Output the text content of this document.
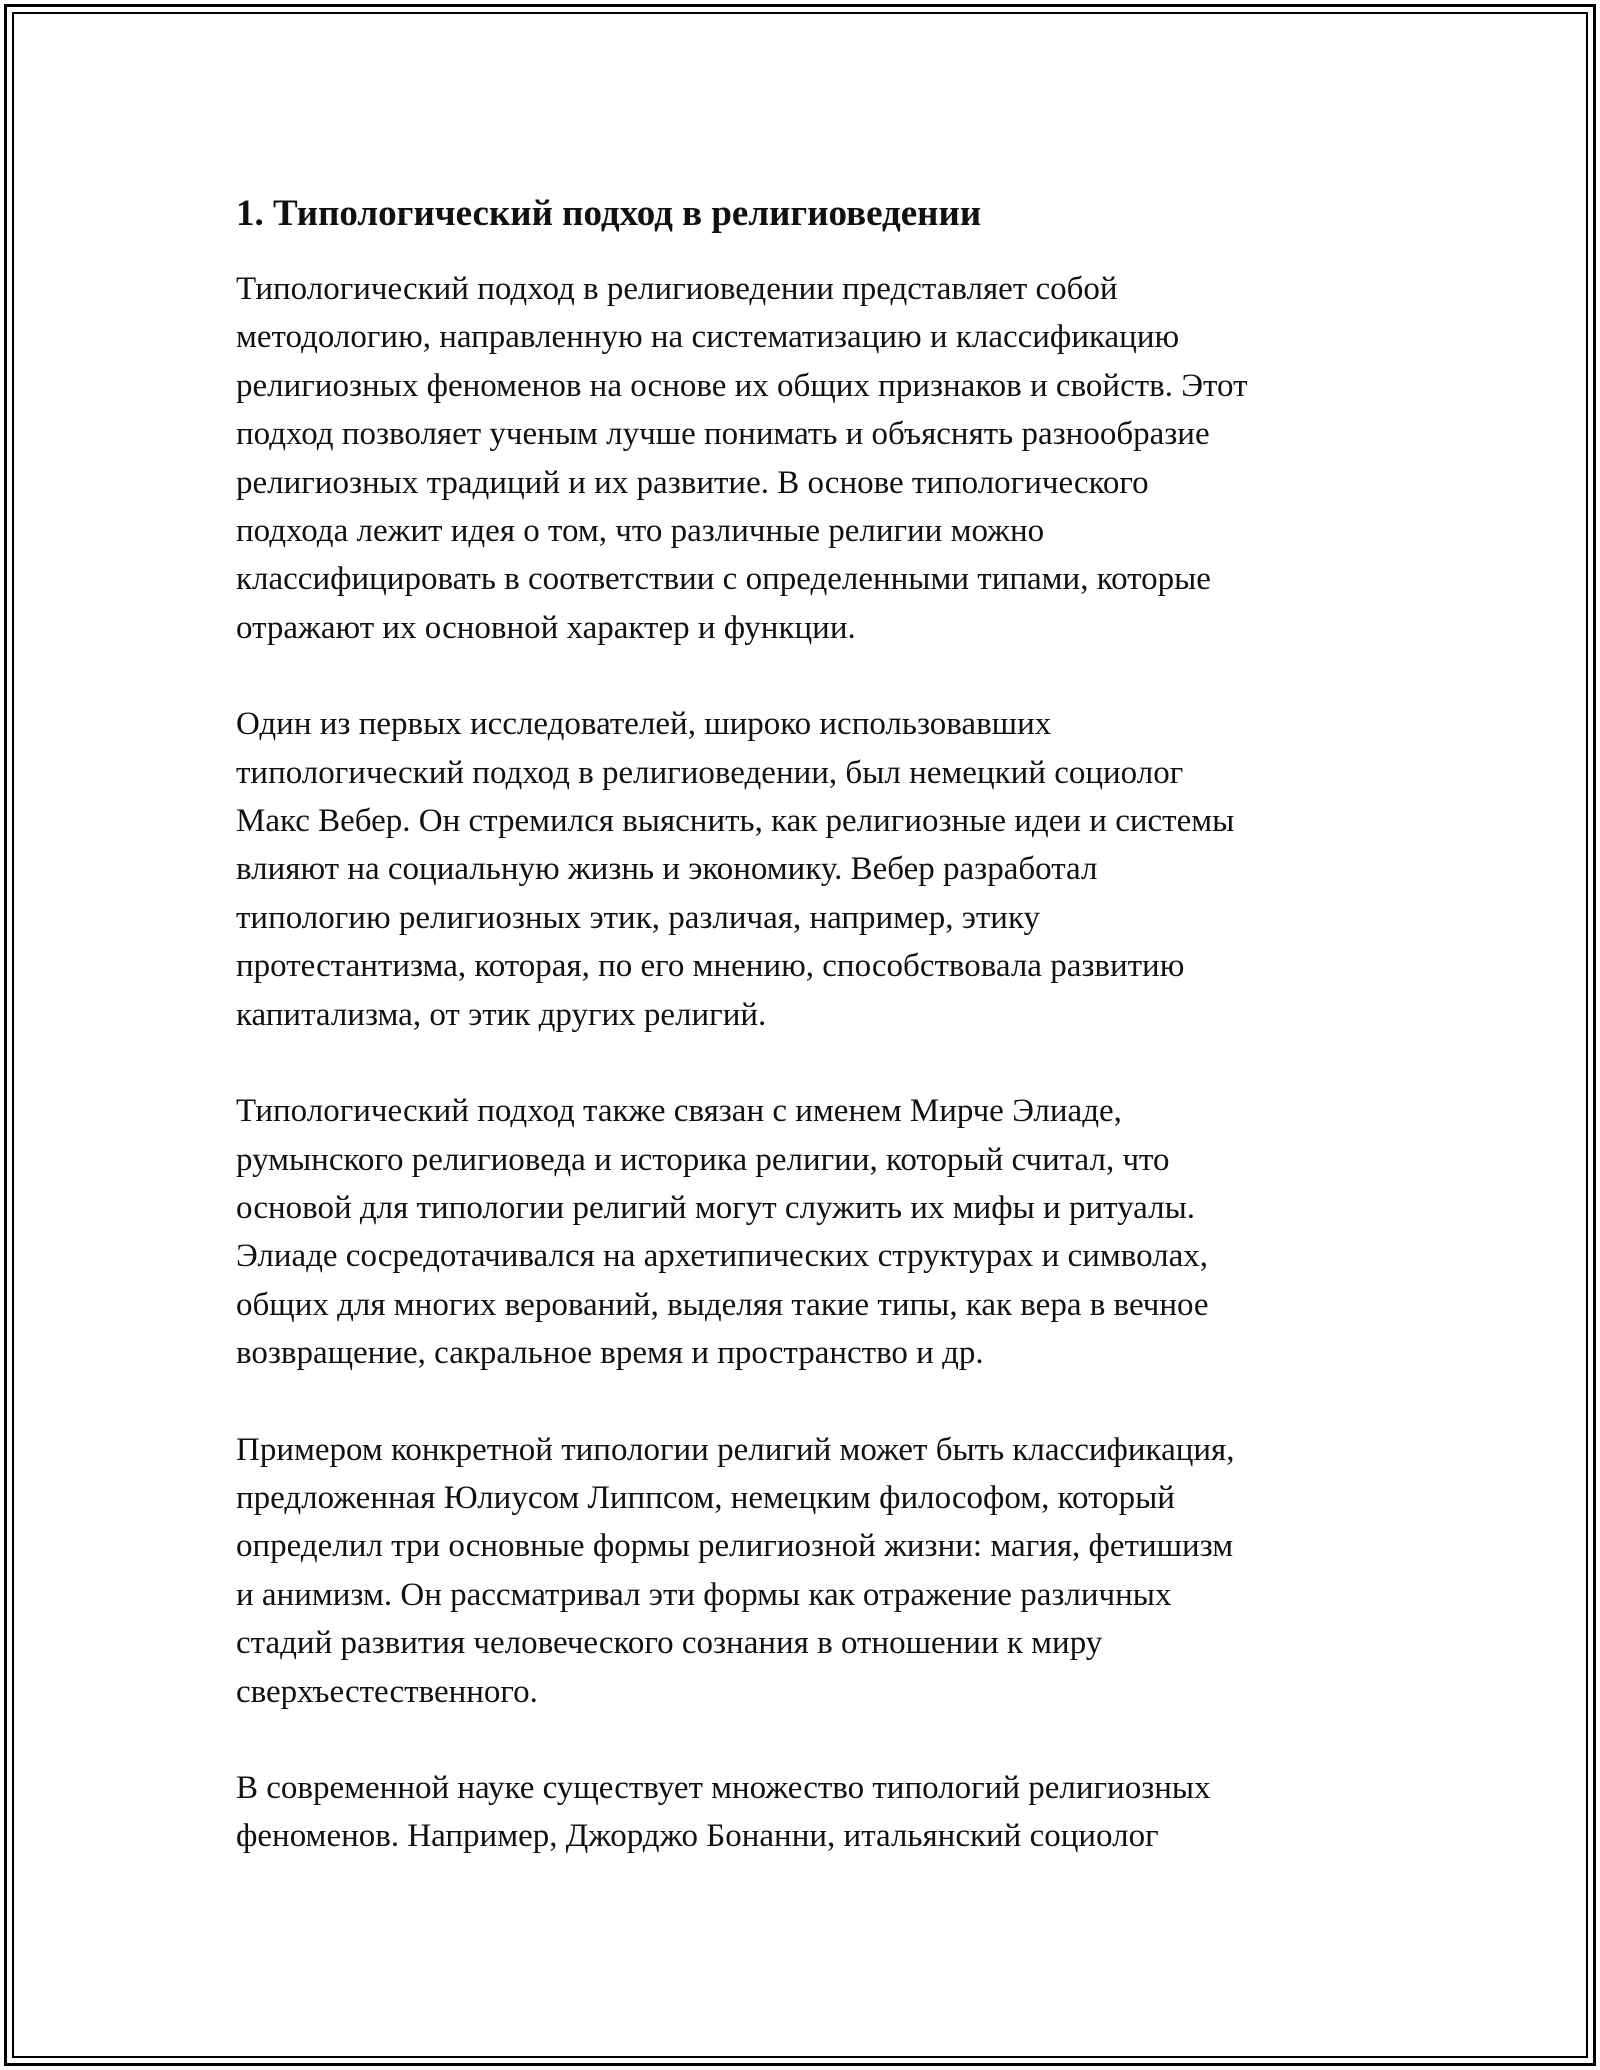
1. Типологический подход в религиоведении

Типологический подход в религиоведении представляет собой
методологию, направленную на систематизацию и классификацию
религиозных феноменов на основе их общих признаков и свойств. Этот
подход позволяет ученым лучше понимать и объяснять разнообразие
религиозных традиций и их развитие. В основе типологического
подхода лежит идея о том, что различные религии можно
классифицировать в соответствии с определенными типами, которые
отражают их основной характер и функции.

Один из первых исследователей, широко использовавших
типологический подход в религиоведении, был немецкий социолог
Макс Вебер. Он стремился выяснить, как религиозные идеи и системы
влияют на социальную жизнь и экономику. Вебер разработал
типологию религиозных этик, различая, например, этику
протестантизма, которая, по его мнению, способствовала развитию
капитализма, от этик других религий.

Типологический подход также связан с именем Мирче Элиаде,
румынского религиоведа и историка религии, который считал, что
основой для типологии религий могут служить их мифы и ритуалы.
Элиаде сосредотачивался на архетипических структурах и символах,
общих для многих верований, выделяя такие типы, как вера в вечное
возвращение, сакральное время и пространство и др.

Примером конкретной типологии религий может быть классификация,
предложенная Юлиусом Липпсом, немецким философом, который
определил три основные формы религиозной жизни: магия, фетишизм
и анимизм. Он рассматривал эти формы как отражение различных
стадий развития человеческого сознания в отношении к миру
сверхъестественного.

В современной науке существует множество типологий религиозных
феноменов. Например, Джорджо Бонанни, итальянский социолог
